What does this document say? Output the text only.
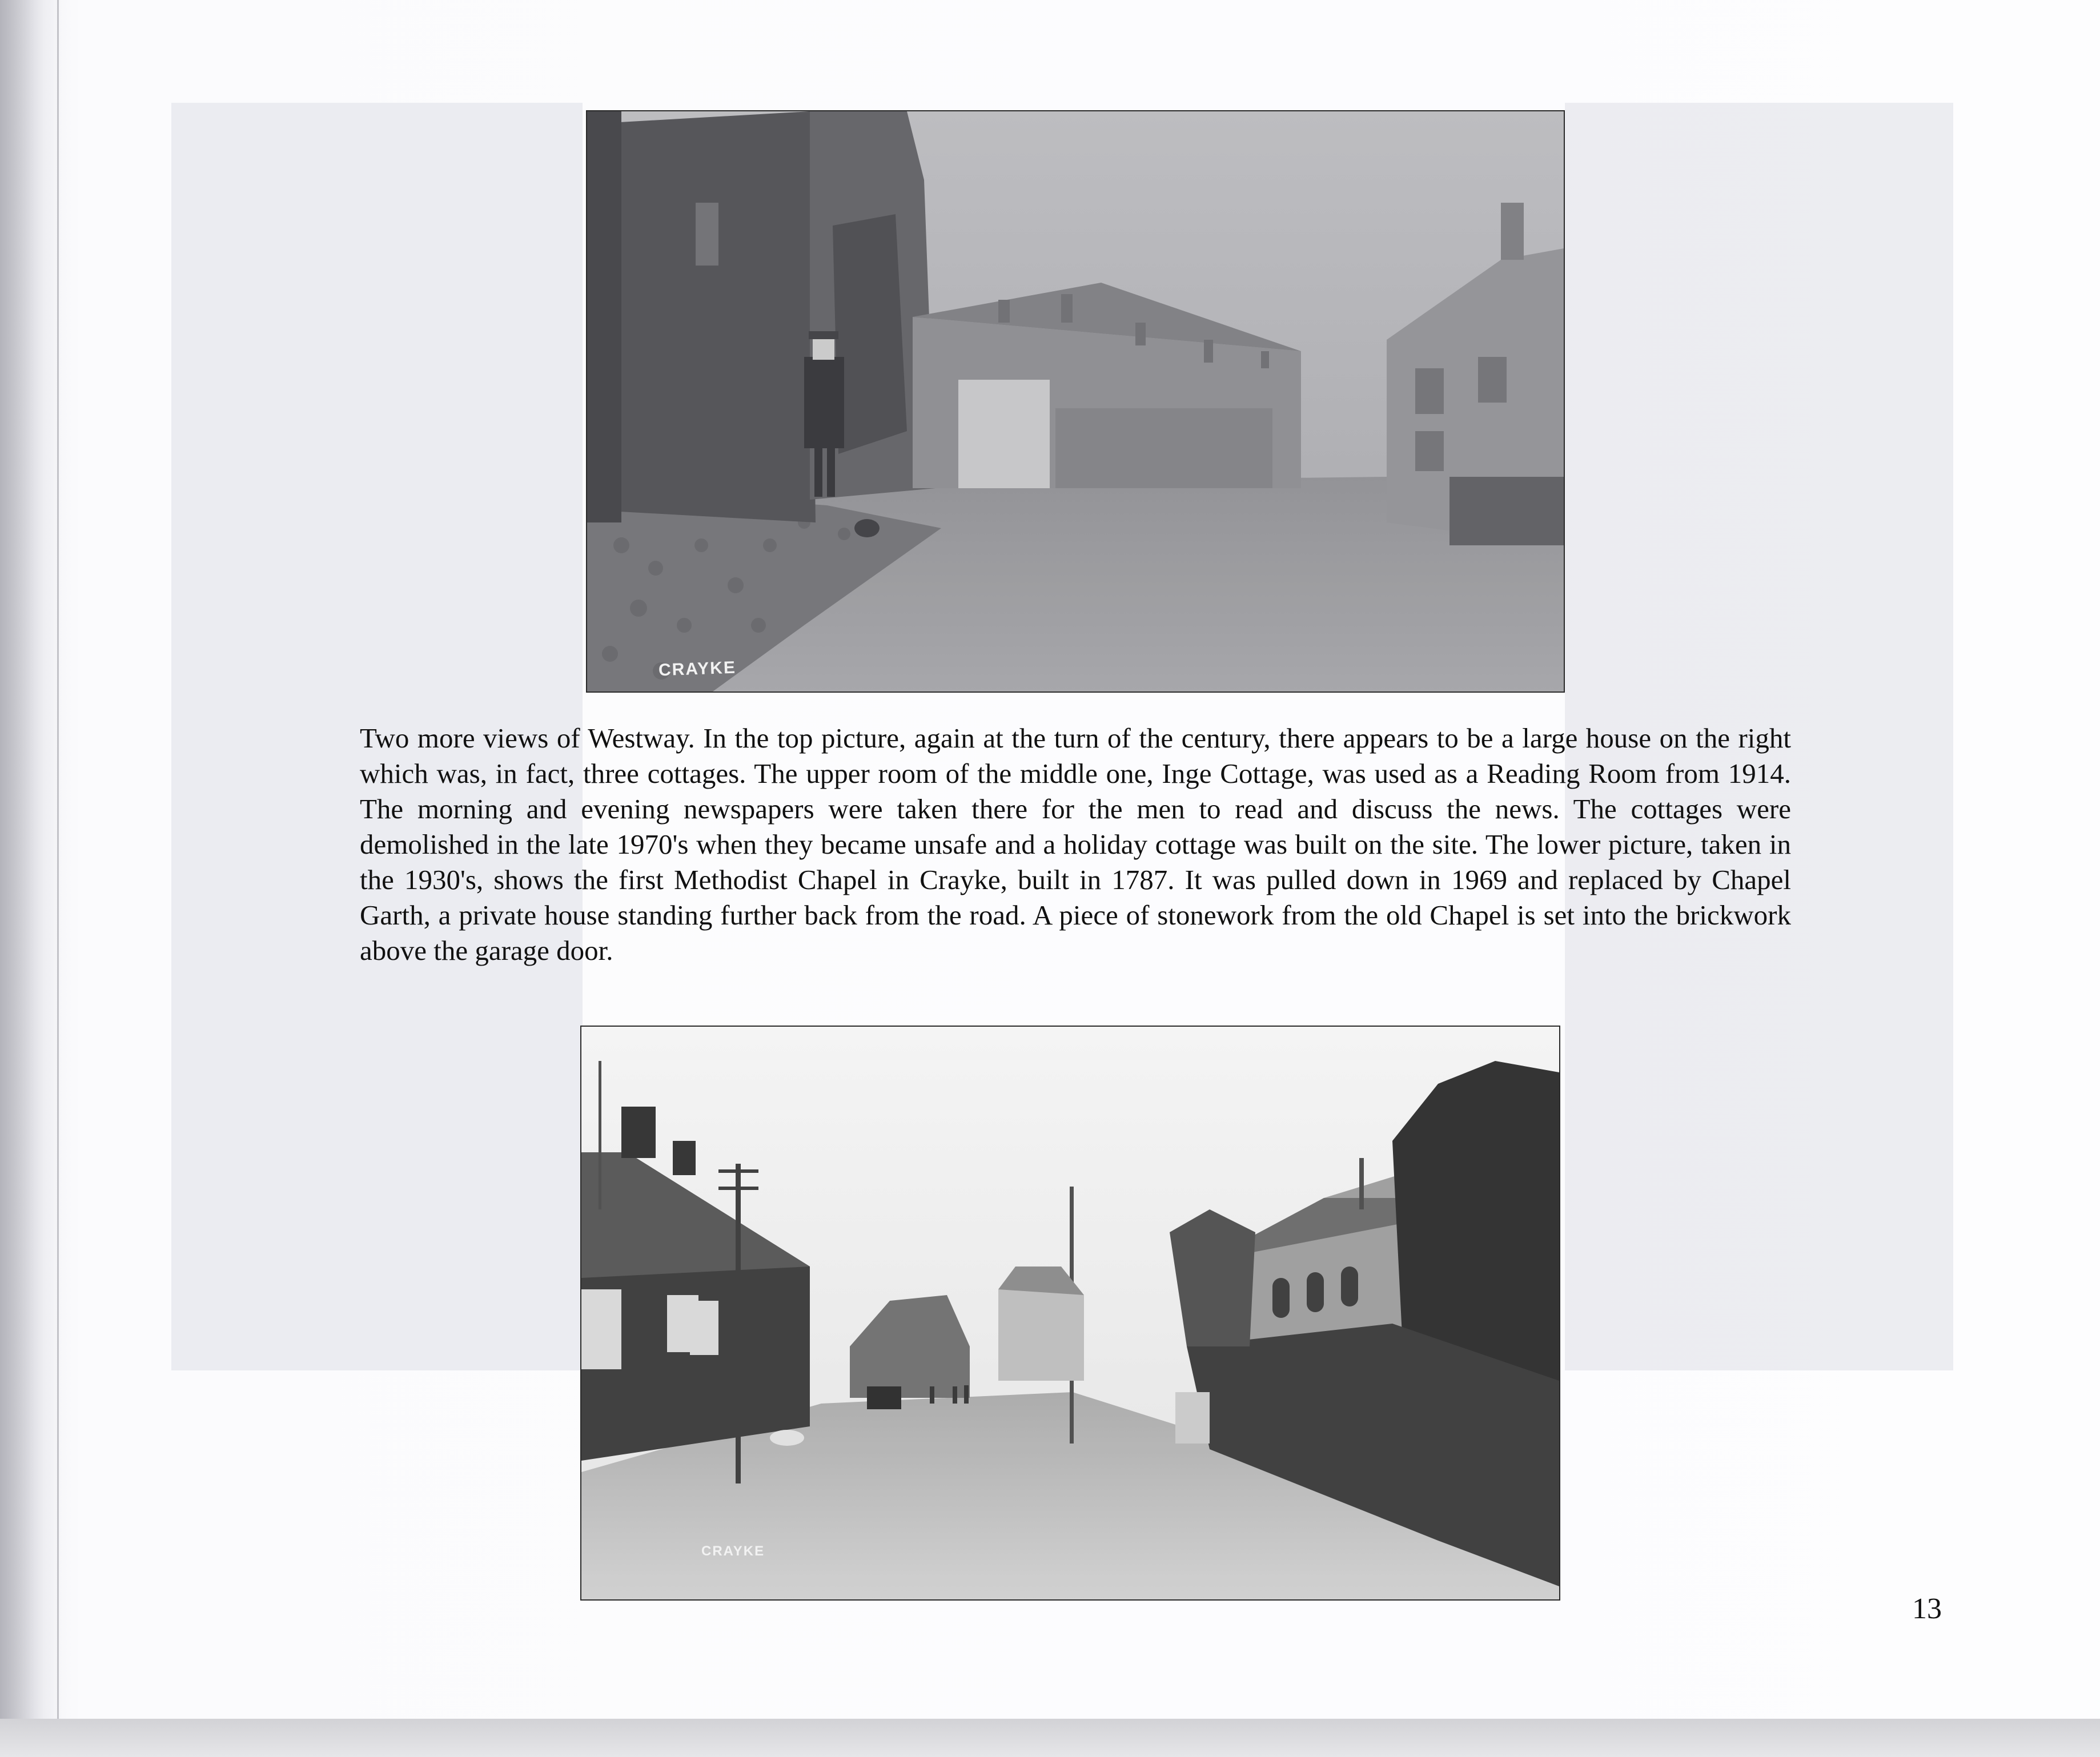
CRAYKE
Two more views of Westway. In the top picture, again at the turn of the century, there appears to be a large house on the right which was, in fact, three cottages. The upper room of the middle one, Inge Cottage, was used as a Reading Room from 1914. The morning and evening newspapers were taken there for the men to read and discuss the news. The cottages were demolished in the late 1970's when they became unsafe and a holiday cottage was built on the site. The lower picture, taken in the 1930's, shows the first Methodist Chapel in Crayke, built in 1787. It was pulled down in 1969 and replaced by Chapel Garth, a private house standing further back from the road. A piece of stonework from the old Chapel is set into the brickwork above the garage door.
CRAYKE
13
